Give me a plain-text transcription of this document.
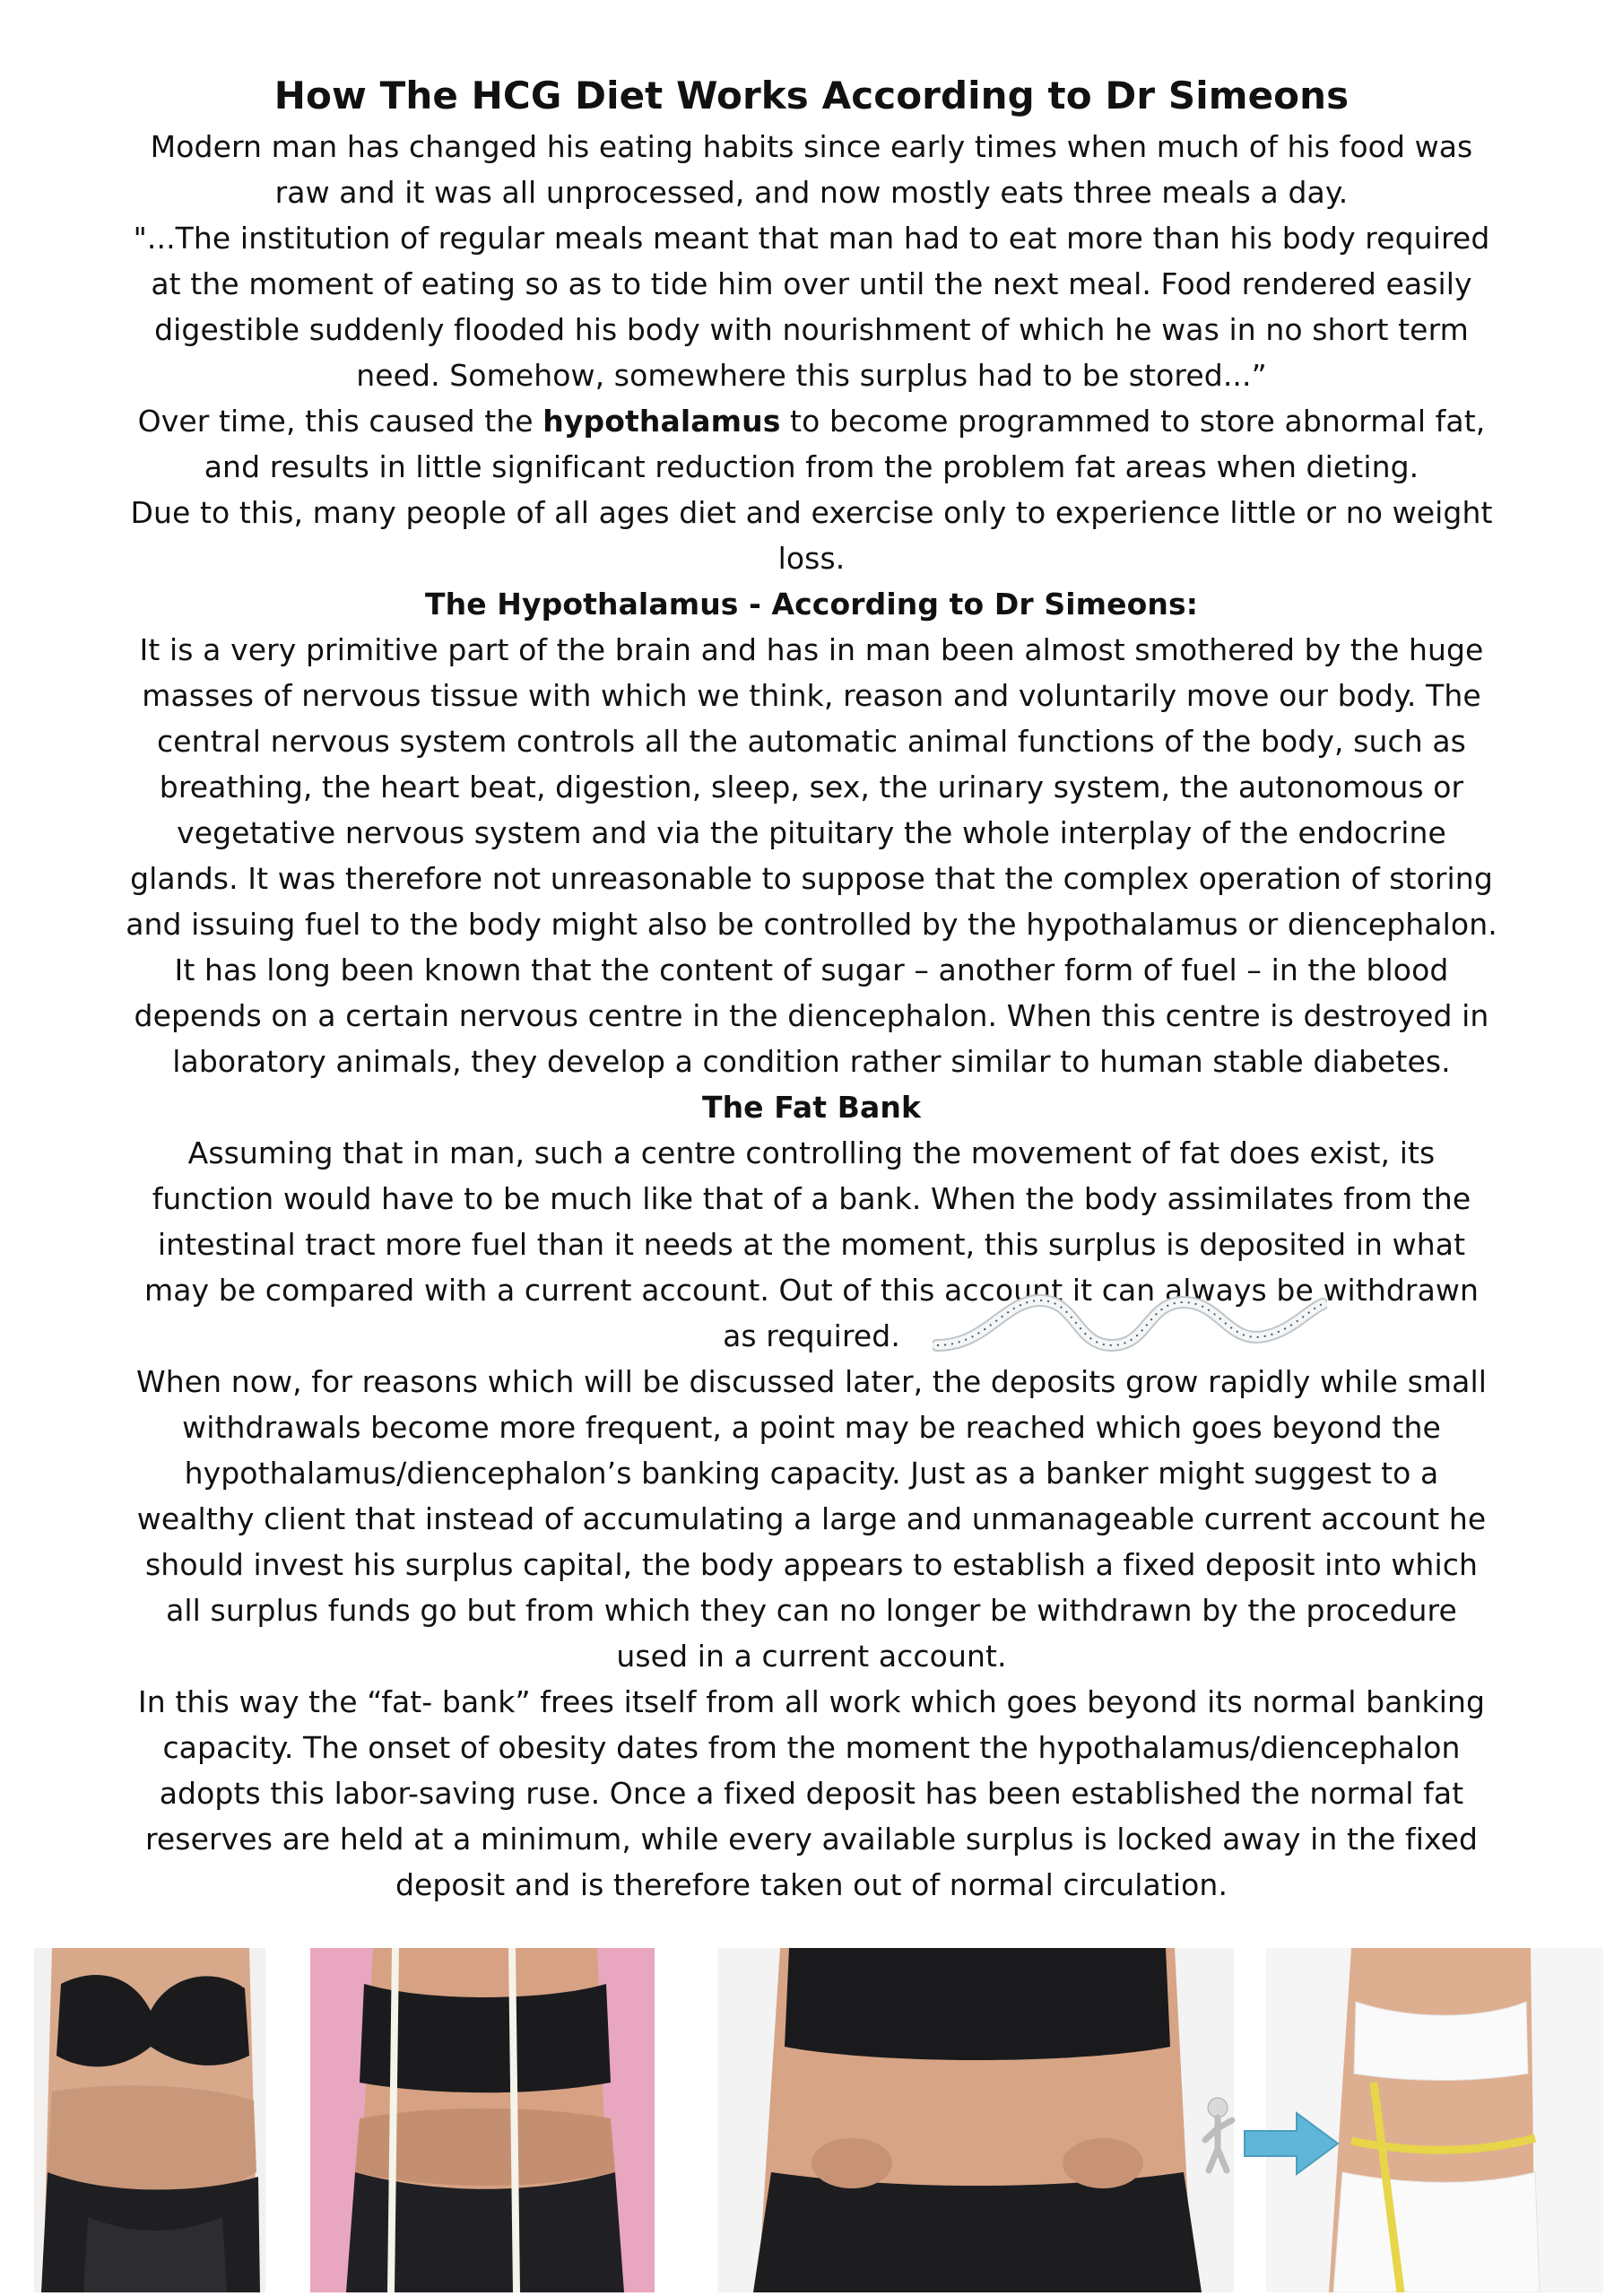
How The HCG Diet Works According to Dr Simeons

Modern man has changed his eating habits since early times when much of his food was raw and it was all unprocessed, and now mostly eats three meals a day.

"...The institution of regular meals meant that man had to eat more than his body required at the moment of eating so as to tide him over until the next meal. Food rendered easily digestible suddenly flooded his body with nourishment of which he was in no short term need. Somehow, somewhere this surplus had to be stored...”

Over time, this caused the hypothalamus to become programmed to store abnormal fat, and results in little significant reduction from the problem fat areas when dieting.

Due to this, many people of all ages diet and exercise only to experience little or no weight loss.

The Hypothalamus - According to Dr Simeons:

It is a very primitive part of the brain and has in man been almost smothered by the huge masses of nervous tissue with which we think, reason and voluntarily move our body. The central nervous system controls all the automatic animal functions of the body, such as breathing, the heart beat, digestion, sleep, sex, the urinary system, the autonomous or vegetative nervous system and via the pituitary the whole interplay of the endocrine glands. It was therefore not unreasonable to suppose that the complex operation of storing and issuing fuel to the body might also be controlled by the hypothalamus or diencephalon. It has long been known that the content of sugar – another form of fuel – in the blood depends on a certain nervous centre in the diencephalon. When this centre is destroyed in laboratory animals, they develop a condition rather similar to human stable diabetes.

The Fat Bank

Assuming that in man, such a centre controlling the movement of fat does exist, its function would have to be much like that of a bank. When the body assimilates from the intestinal tract more fuel than it needs at the moment, this surplus is deposited in what may be compared with a current account. Out of this account it can always be withdrawn as required.

When now, for reasons which will be discussed later, the deposits grow rapidly while small withdrawals become more frequent, a point may be reached which goes beyond the hypothalamus/diencephalon’s banking capacity. Just as a banker might suggest to a wealthy client that instead of accumulating a large and unmanageable current account he should invest his surplus capital, the body appears to establish a fixed deposit into which all surplus funds go but from which they can no longer be withdrawn by the procedure used in a current account.

In this way the “fat- bank” frees itself from all work which goes beyond its normal banking capacity. The onset of obesity dates from the moment the hypothalamus/diencephalon adopts this labor-saving ruse. Once a fixed deposit has been established the normal fat reserves are held at a minimum, while every available surplus is locked away in the fixed deposit and is therefore taken out of normal circulation.
